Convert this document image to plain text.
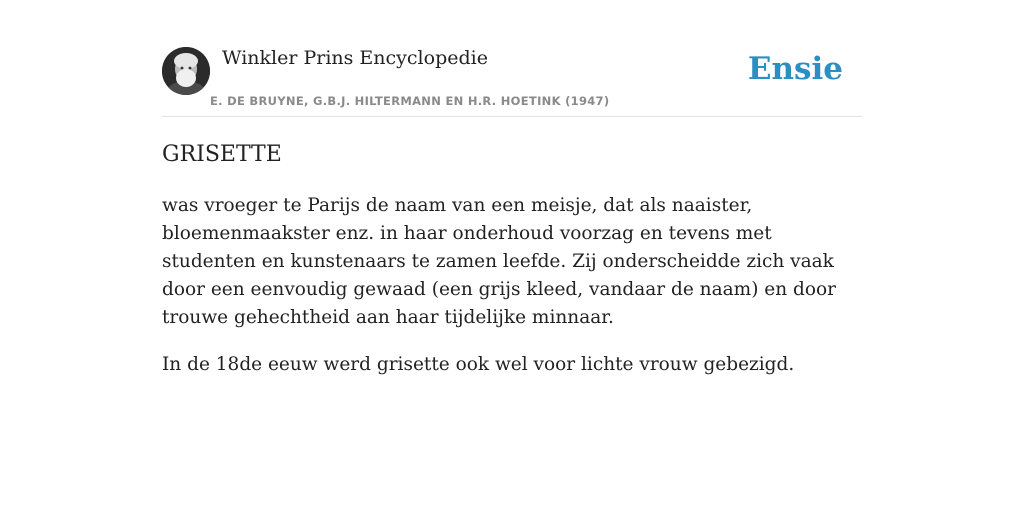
Winkler Prins Encyclopedie
E. DE BRUYNE, G.B.J. HILTERMANN EN H.R. HOETINK (1947)
Ensie
GRISETTE

was vroeger te Parijs de naam van een meisje, dat als naaister, bloemenmaakster enz. in haar onderhoud voorzag en tevens met studenten en kunstenaars te zamen leefde. Zij onderscheidde zich vaak door een eenvoudig gewaad (een grijs kleed, vandaar de naam) en door trouwe gehechtheid aan haar tijdelijke minnaar.

In de 18de eeuw werd grisette ook wel voor lichte vrouw gebezigd.
